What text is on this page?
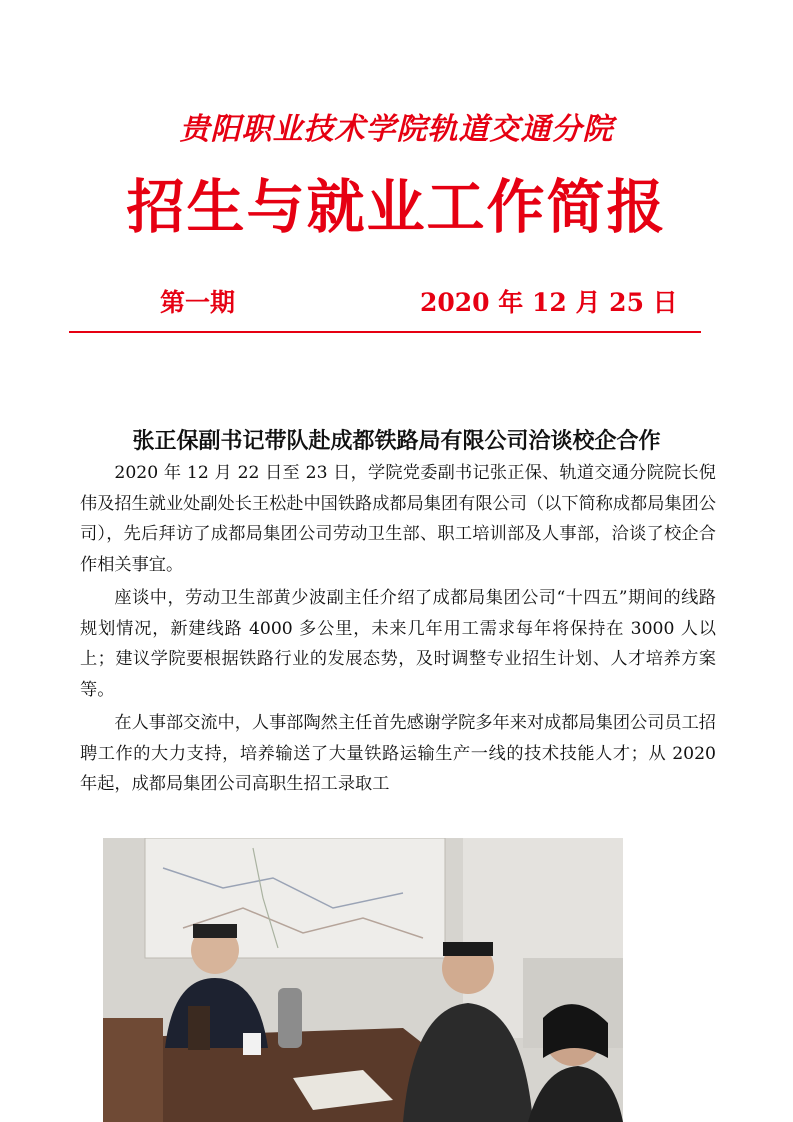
贵阳职业技术学院轨道交通分院
招生与就业工作简报
第一期	2020 年 12 月 25 日
张正保副书记带队赴成都铁路局有限公司洽谈校企合作

2020 年 12 月 22 日至 23 日，学院党委副书记张正保、轨道交通分院院长倪伟及招生就业处副处长王松赴中国铁路成都局集团有限公司（以下简称成都局集团公司），先后拜访了成都局集团公司劳动卫生部、职工培训部及人事部，洽谈了校企合作相关事宜。

座谈中，劳动卫生部黄少波副主任介绍了成都局集团公司“十四五”期间的线路规划情况，新建线路 4000 多公里，未来几年用工需求每年将保持在 3000 人以上；建议学院要根据铁路行业的发展态势，及时调整专业招生计划、人才培养方案等。

在人事部交流中，人事部陶然主任首先感谢学院多年来对成都局集团公司员工招聘工作的大力支持，培养输送了大量铁路运输生产一线的技术技能人才；从 2020 年起，成都局集团公司高职生招工录取工
